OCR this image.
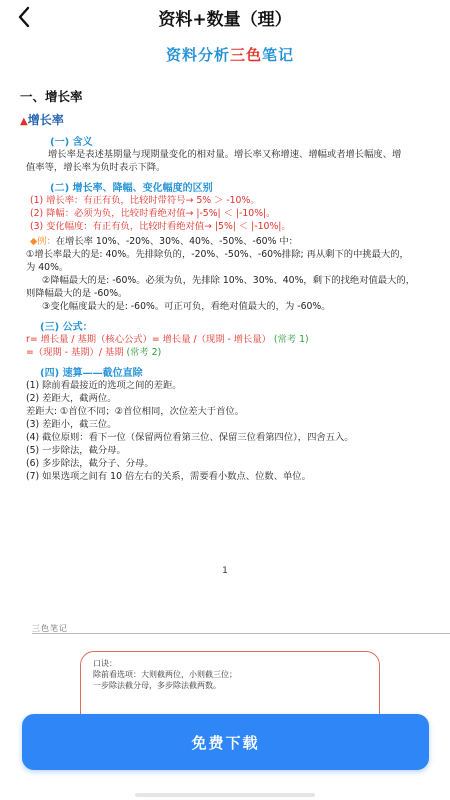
资料+数量（理）
资料分析三色笔记
一、增长率
▲增长率
(一) 含义
增长率是表述基期量与现期量变化的相对量。增长率又称增速、增幅或者增长幅度、增
值率等，增长率为负时表示下降。
(二) 增长率、降幅、变化幅度的区别
(1) 增长率：有正有负，比较时带符号→ 5% ＞ -10%。
(2) 降幅：必须为负，比较时看绝对值→ |-5%| ＜ |-10%|。
(3) 变化幅度：有正有负，比较时看绝对值→ |5%| ＜ |-10%|。
◆例：在增长率 10%、-20%、30%、40%、-50%、-60% 中：
①增长率最大的是: 40%。先排除负的，-20%、-50%、-60%排除; 再从剩下的中挑最大的，
为 40%。
②降幅最大的是: -60%。必须为负，先排除 10%、30%、40%，剩下的找绝对值最大的，
则降幅最大的是 -60%。
③变化幅度最大的是: -60%。可正可负，看绝对值最大的，为 -60%。
(三) 公式：
r= 增长量 / 基期（核心公式）= 增长量 /（现期 - 增长量） (常考 1)
=（现期 - 基期）/ 基期 (常考 2)
(四) 速算——截位直除
(1) 除前看最接近的选项之间的差距。
(2) 差距大，截两位。
差距大: ①首位不同；②首位相同，次位差大于首位。
(3) 差距小，截三位。
(4) 截位原则：看下一位（保留两位看第三位、保留三位看第四位），四舍五入。
(5) 一步除法，截分母。
(6) 多步除法，截分子、分母。
(7) 如果选项之间有 10 倍左右的关系，需要看小数点、位数、单位。
1
三色笔记
口诀：
除前看选项：大则截两位，小则截三位；
一步除法截分母，多步除法截两数。
免费下载
